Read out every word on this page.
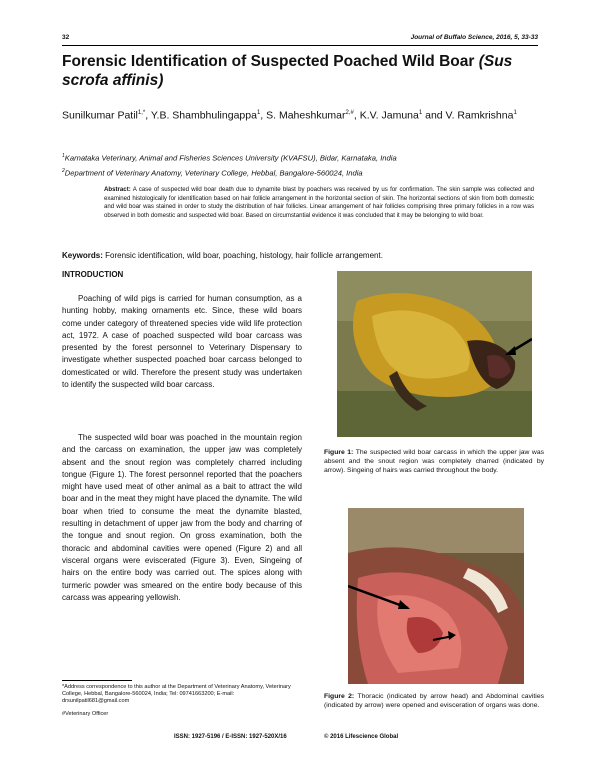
32	Journal of Buffalo Science, 2016, 5, 33-33
Forensic Identification of Suspected Poached Wild Boar (Sus scrofa affinis)
Sunilkumar Patil$^{1,*}$, Y.B. Shambhulingappa$^1$, S. Maheshkumar$^{2,\#}$, K.V. Jamuna$^1$ and V. Ramkrishna$^1$
$^1$Karnataka Veterinary, Animal and Fisheries Sciences University (KVAFSU), Bidar, Karnataka, India
$^2$Department of Veterinary Anatomy, Veterinary College, Hebbal, Bangalore-560024, India
Abstract: A case of suspected wild boar death due to dynamite blast by poachers was received by us for confirmation. The skin sample was collected and examined histologically for identification based on hair follicle arrangement in the horizontal section of skin. The horizontal sections of skin from both domestic and wild boar was stained in order to study the distribution of hair follicles. Linear arrangement of hair follicles comprising three primary follicles in a row was observed in both domestic and suspected wild boar. Based on circumstantial evidence it was concluded that it may be belonging to wild boar.
Keywords: Forensic identification, wild boar, poaching, histology, hair follicle arrangement.
INTRODUCTION
Poaching of wild pigs is carried for human consumption, as a hunting hobby, making ornaments etc. Since, these wild boars come under category of threatened species vide wild life protection act, 1972. A case of poached suspected wild boar carcass was presented by the forest personnel to Veterinary Dispensary to investigate whether suspected poached boar carcass belonged to domesticated or wild. Therefore the present study was undertaken to identify the suspected wild boar carcass.
The suspected wild boar was poached in the mountain region and the carcass on examination, the upper jaw was completely absent and the snout region was completely charred including tongue (Figure 1). The forest personnel reported that the poachers might have used meat of other animal as a bait to attract the wild boar and in the meat they might have placed the dynamite. The wild boar when tried to consume the meat the dynamite blasted, resulting in detachment of upper jaw from the body and charring of the tongue and snout region. On gross examination, both the thoracic and abdominal cavities were opened (Figure 2) and all visceral organs were eviscerated (Figure 3). Even, Singeing of hairs on the entire body was carried out. The spices along with turmeric powder was smeared on the entire body because of this carcass was appearing yellowish.
Figure 1: The suspected wild boar carcass in which the upper jaw was absent and the snout region was completely charred (indicated by arrow). Singeing of hairs was carried throughout the body.
Figure 2: Thoracic (indicated by arrow head) and Abdominal cavities (indicated by arrow) were opened and evisceration of organs was done.
*Address correspondence to this author at the Department of Veterinary Anatomy, Veterinary College, Hebbal, Bangalore-560024, India; Tel: 09741663200; E-mail: drsunilpatil681@gmail.com
#Veterinary Officer
ISSN: 1927-5196 / E-ISSN: 1927-520X/16	© 2016 Lifescience Global
